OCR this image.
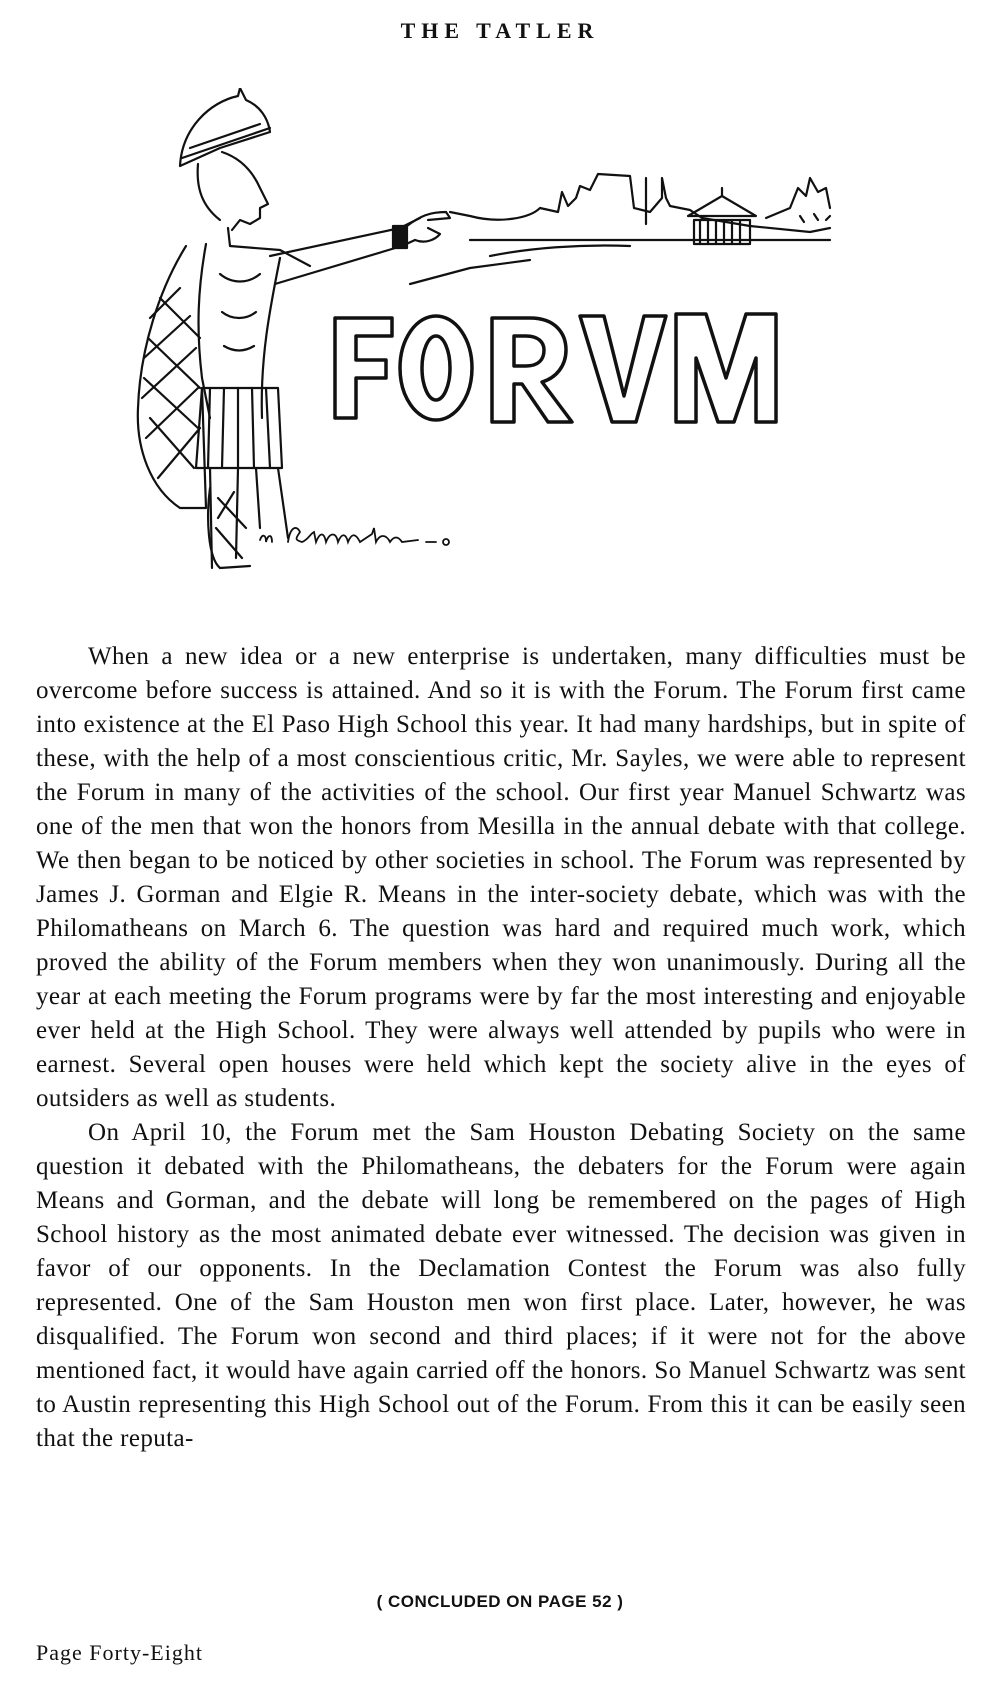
THE TATLER

When a new idea or a new enterprise is undertaken, many difficulties must be overcome before success is attained. And so it is with the Forum. The Forum first came into existence at the El Paso High School this year. It had many hardships, but in spite of these, with the help of a most conscientious critic, Mr. Sayles, we were able to represent the Forum in many of the activities of the school. Our first year Manuel Schwartz was one of the men that won the honors from Mesilla in the annual debate with that college. We then began to be noticed by other societies in school. The Forum was represented by James J. Gorman and Elgie R. Means in the inter-society debate, which was with the Philomatheans on March 6. The question was hard and required much work, which proved the ability of the Forum members when they won unanimously. During all the year at each meeting the Forum programs were by far the most interesting and enjoyable ever held at the High School. They were always well attended by pupils who were in earnest. Several open houses were held which kept the society alive in the eyes of outsiders as well as students.

On April 10, the Forum met the Sam Houston Debating Society on the same question it debated with the Philomatheans, the debaters for the Forum were again Means and Gorman, and the debate will long be remembered on the pages of High School history as the most animated debate ever witnessed. The decision was given in favor of our opponents. In the Declamation Contest the Forum was also fully represented. One of the Sam Houston men won first place. Later, however, he was disqualified. The Forum won second and third places; if it were not for the above mentioned fact, it would have again carried off the honors. So Manuel Schwartz was sent to Austin representing this High School out of the Forum. From this it can be easily seen that the reputa-

( CONCLUDED ON PAGE 52 )
Page Forty-Eight
